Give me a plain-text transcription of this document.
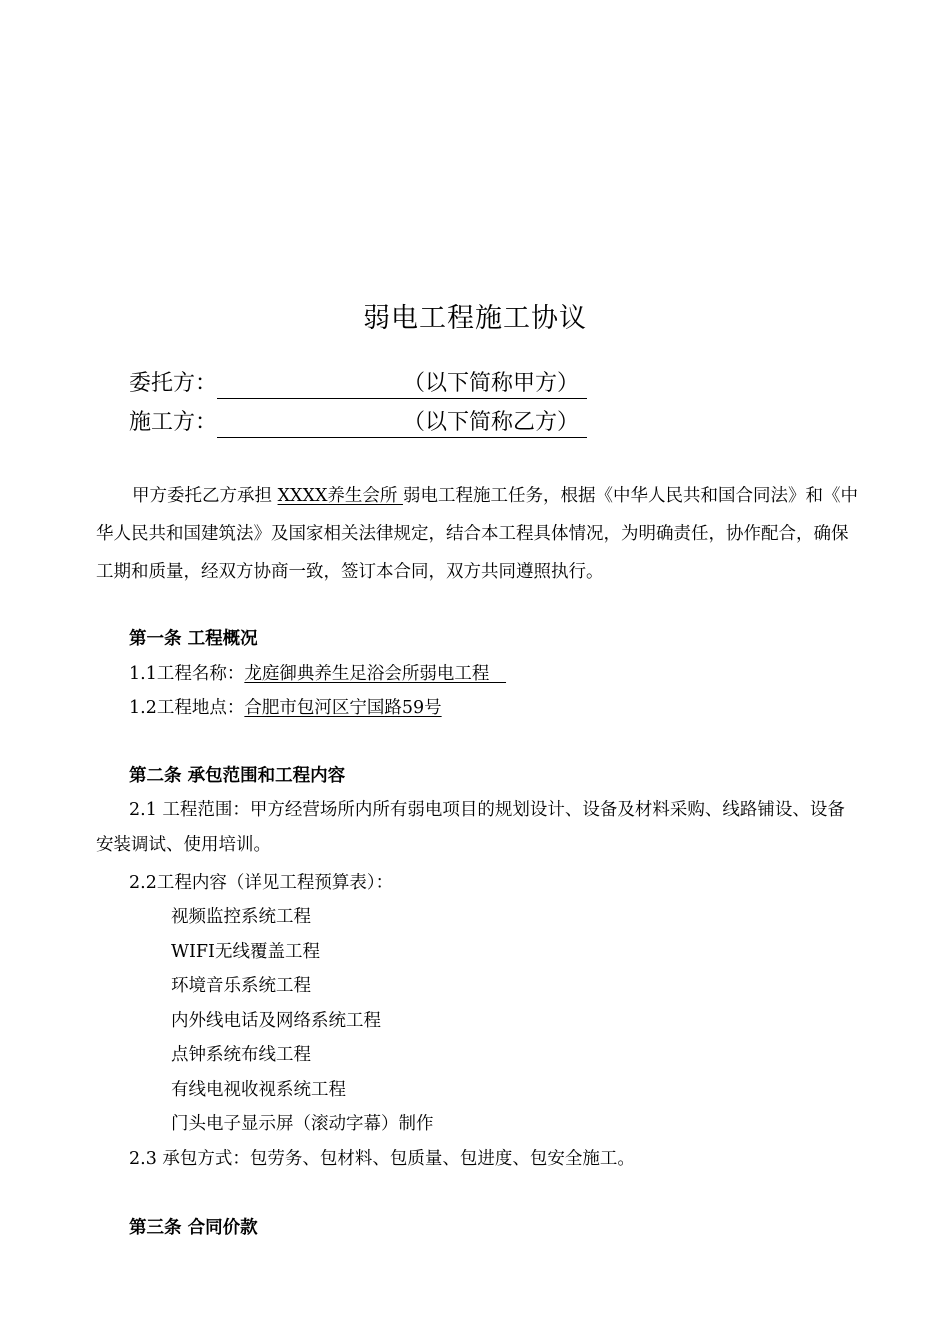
弱电工程施工协议
委托方：	（以下简称甲方）
施工方：	（以下简称乙方）
甲方委托乙方承担 XXXX养生会所 弱电工程施工任务，根据《中华人民共和国合同法》和《中华人民共和国建筑法》及国家相关法律规定，结合本工程具体情况，为明确责任，协作配合，确保工期和质量，经双方协商一致，签订本合同，双方共同遵照执行。
第一条 工程概况
1.1工程名称：龙庭御典养生足浴会所弱电工程
1.2工程地点：合肥市包河区宁国路59号
第二条 承包范围和工程内容
2.1 工程范围：甲方经营场所内所有弱电项目的规划设计、设备及材料采购、线路铺设、设备安装调试、使用培训。
2.2工程内容（详见工程预算表）：
视频监控系统工程
WIFI无线覆盖工程
环境音乐系统工程
内外线电话及网络系统工程
点钟系统布线工程
有线电视收视系统工程
门头电子显示屏（滚动字幕）制作
2.3 承包方式：包劳务、包材料、包质量、包进度、包安全施工。
第三条 合同价款
